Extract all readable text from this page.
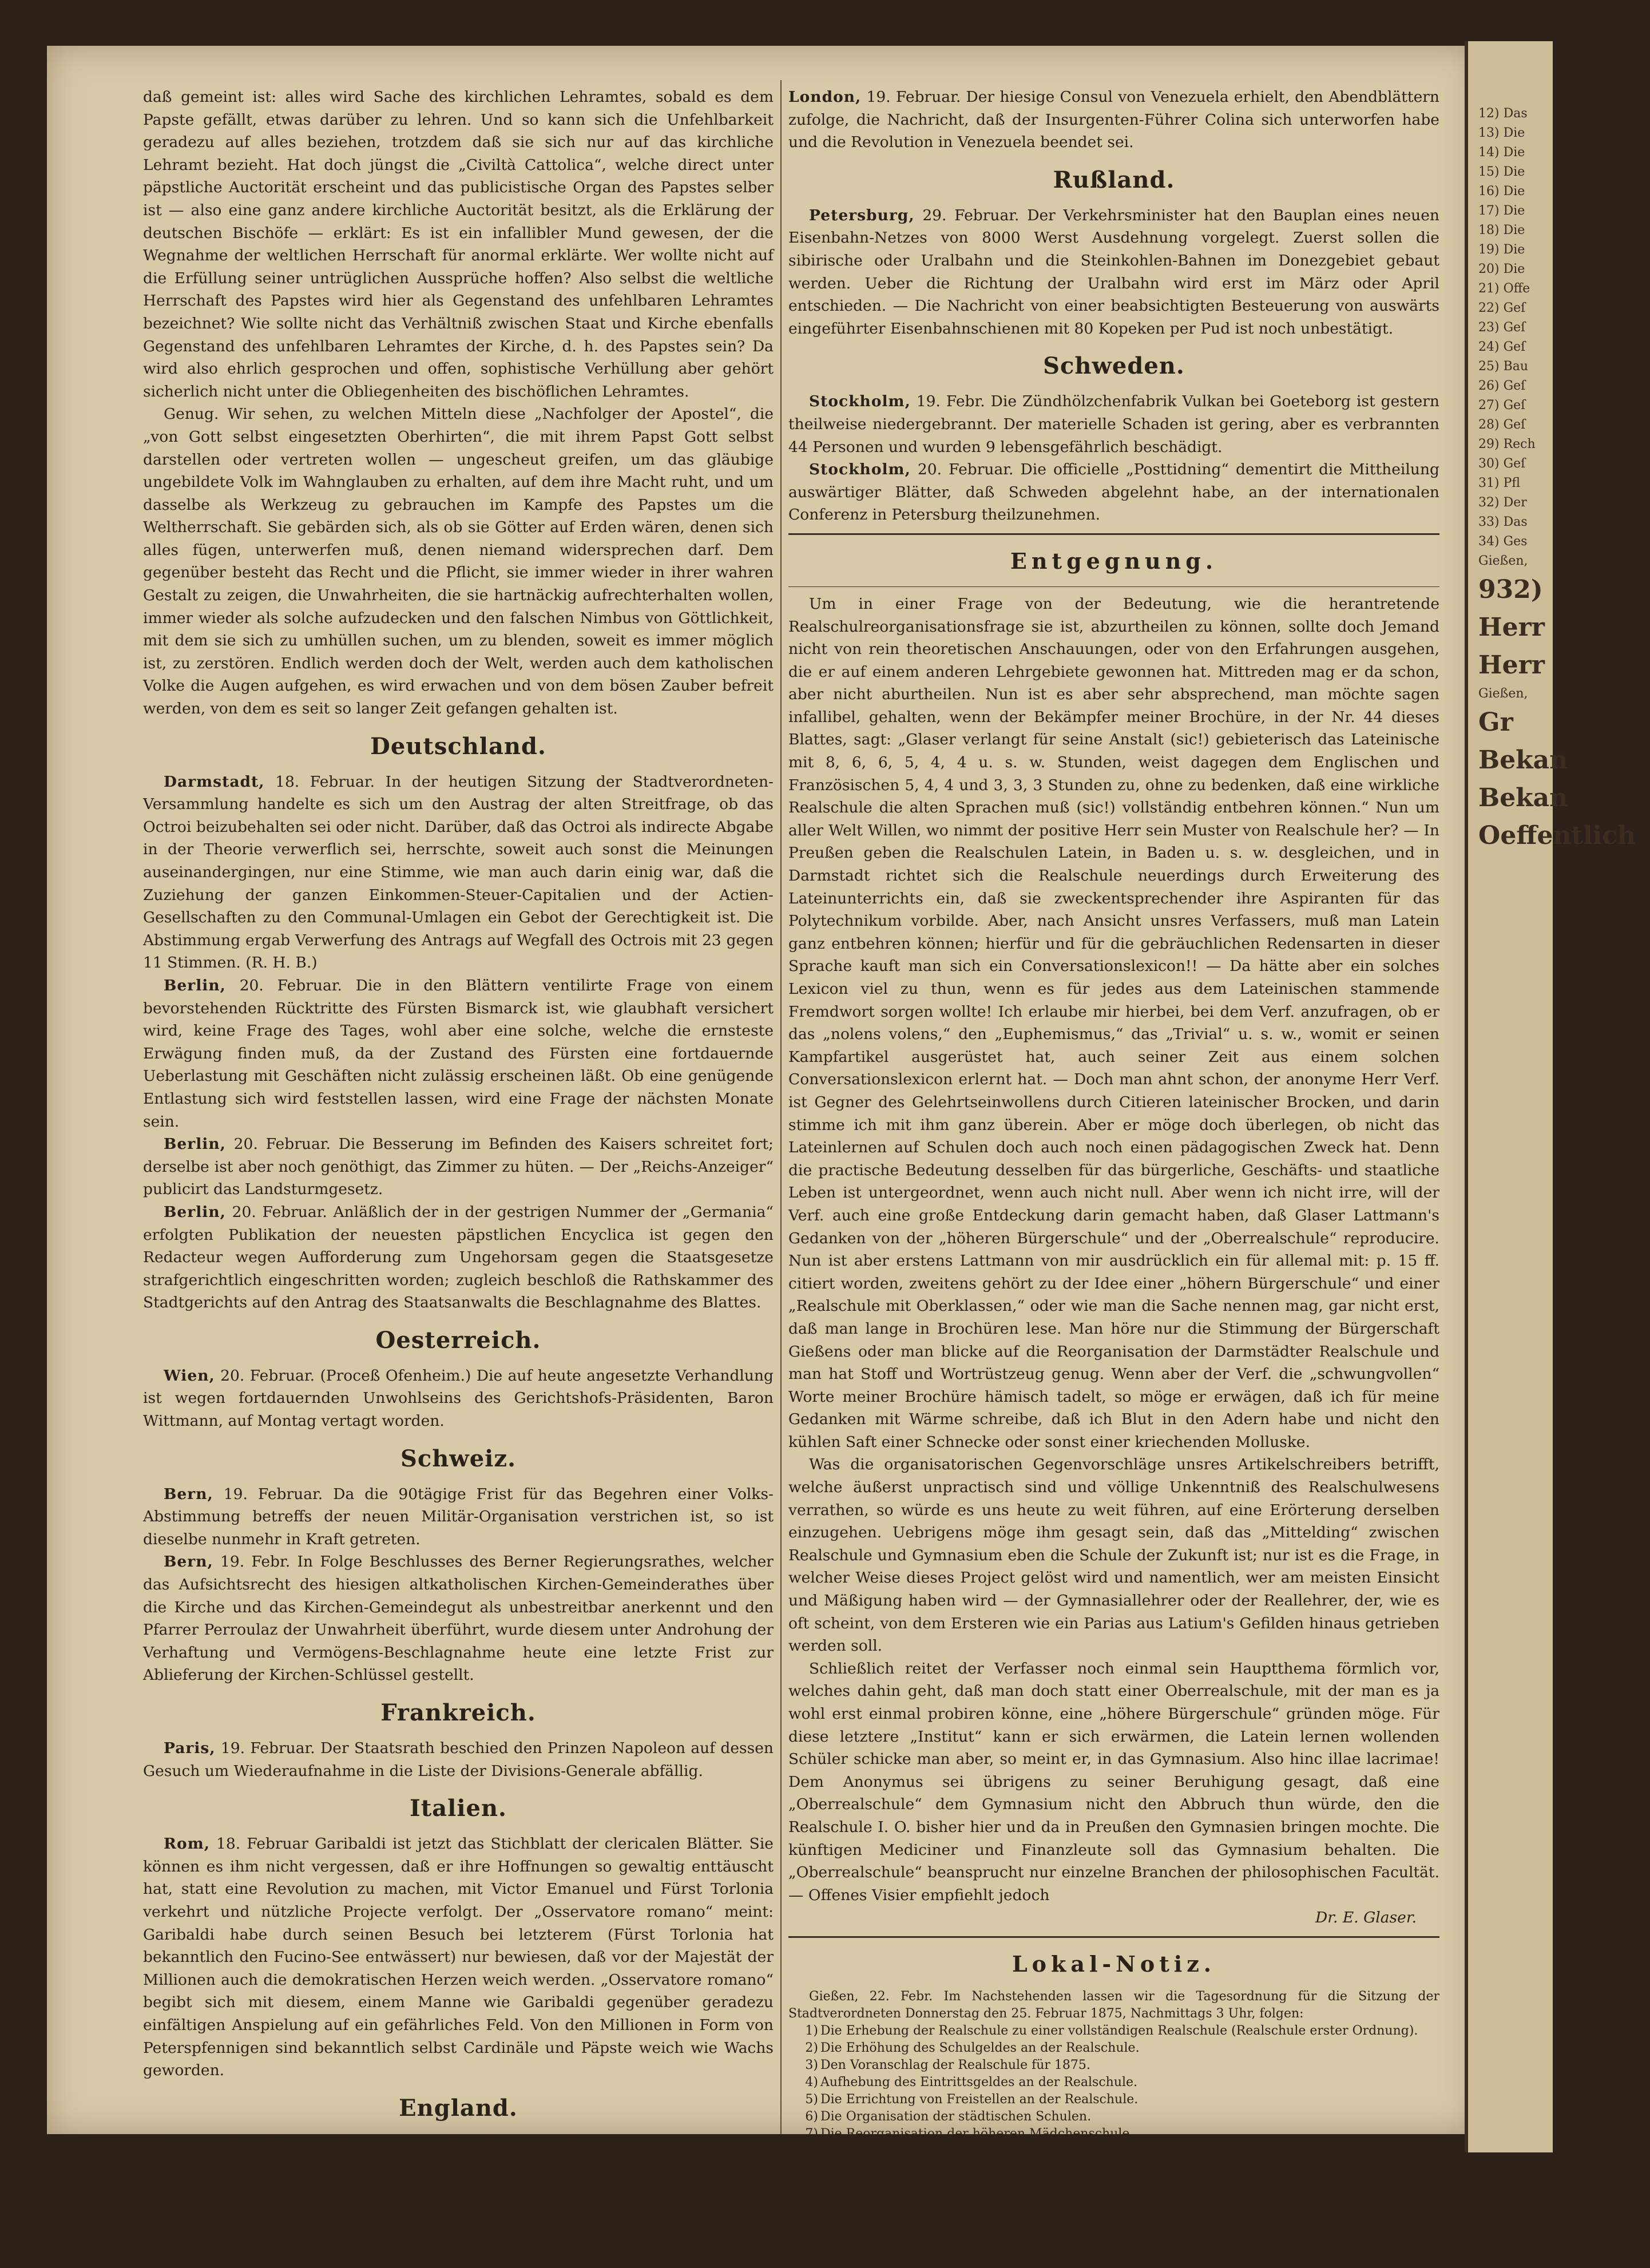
12) Das
13) Die
14) Die
15) Die
16) Die
17) Die
18) Die
19) Die
20) Die
21) Offe
22) Geſ
23) Geſ
24) Geſ
25) Bau
26) Geſ
27) Geſ
28) Geſ
29) Rech
30) Geſ
31) Pfl
32) Der
33) Das
34) Ges
Gießen,
932)
Herr
Herr
Gießen,
Gr
Bekan
Bekan
Oeffentlich

daß gemeint ist: alles wird Sache des kirchlichen Lehramtes, sobald es dem Papste gefällt, etwas darüber zu lehren. Und so kann sich die Unfehlbarkeit geradezu auf alles beziehen, trotzdem daß sie sich nur auf das kirchliche Lehramt bezieht. Hat doch jüngst die „Civiltà Cattolica“, welche direct unter päpstliche Auctorität erscheint und das publicistische Organ des Papstes selber ist — also eine ganz andere kirchliche Auctorität besitzt, als die Erklärung der deutschen Bischöfe — erklärt: Es ist ein infallibler Mund gewesen, der die Wegnahme der weltlichen Herrschaft für anormal erklärte. Wer wollte nicht auf die Erfüllung seiner untrüglichen Aussprüche hoffen? Also selbst die weltliche Herrschaft des Papstes wird hier als Gegenstand des unfehlbaren Lehramtes bezeichnet? Wie sollte nicht das Verhältniß zwischen Staat und Kirche ebenfalls Gegenstand des unfehlbaren Lehramtes der Kirche, d. h. des Papstes sein? Da wird also ehrlich gesprochen und offen, sophistische Verhüllung aber gehört sicherlich nicht unter die Obliegenheiten des bischöflichen Lehramtes.

Genug. Wir sehen, zu welchen Mitteln diese „Nachfolger der Apostel“, die „von Gott selbst eingesetzten Oberhirten“, die mit ihrem Papst Gott selbst darstellen oder vertreten wollen — ungescheut greifen, um das gläubige ungebildete Volk im Wahnglauben zu erhalten, auf dem ihre Macht ruht, und um dasselbe als Werkzeug zu gebrauchen im Kampfe des Papstes um die Weltherrschaft. Sie gebärden sich, als ob sie Götter auf Erden wären, denen sich alles fügen, unterwerfen muß, denen niemand widersprechen darf. Dem gegenüber besteht das Recht und die Pflicht, sie immer wieder in ihrer wahren Gestalt zu zeigen, die Unwahrheiten, die sie hartnäckig aufrechterhalten wollen, immer wieder als solche aufzudecken und den falschen Nimbus von Göttlichkeit, mit dem sie sich zu umhüllen suchen, um zu blenden, soweit es immer möglich ist, zu zerstören. Endlich werden doch der Welt, werden auch dem katholischen Volke die Augen aufgehen, es wird erwachen und von dem bösen Zauber befreit werden, von dem es seit so langer Zeit gefangen gehalten ist.

Deutschland.

Darmstadt, 18. Februar. In der heutigen Sitzung der Stadtverordneten-Versammlung handelte es sich um den Austrag der alten Streitfrage, ob das Octroi beizubehalten sei oder nicht. Darüber, daß das Octroi als indirecte Abgabe in der Theorie verwerflich sei, herrschte, soweit auch sonst die Meinungen auseinandergingen, nur eine Stimme, wie man auch darin einig war, daß die Zuziehung der ganzen Einkommen-Steuer-Capitalien und der Actien-Gesellschaften zu den Communal-Umlagen ein Gebot der Gerechtigkeit ist. Die Abstimmung ergab Verwerfung des Antrags auf Wegfall des Octrois mit 23 gegen 11 Stimmen. (R. H. B.)

Berlin, 20. Februar. Die in den Blättern ventilirte Frage von einem bevorstehenden Rücktritte des Fürsten Bismarck ist, wie glaubhaft versichert wird, keine Frage des Tages, wohl aber eine solche, welche die ernsteste Erwägung finden muß, da der Zustand des Fürsten eine fortdauernde Ueberlastung mit Geschäften nicht zulässig erscheinen läßt. Ob eine genügende Entlastung sich wird feststellen lassen, wird eine Frage der nächsten Monate sein.

Berlin, 20. Februar. Die Besserung im Befinden des Kaisers schreitet fort; derselbe ist aber noch genöthigt, das Zimmer zu hüten. — Der „Reichs-Anzeiger“ publicirt das Landsturmgesetz.

Berlin, 20. Februar. Anläßlich der in der gestrigen Nummer der „Germania“ erfolgten Publikation der neuesten päpstlichen Encyclica ist gegen den Redacteur wegen Aufforderung zum Ungehorsam gegen die Staatsgesetze strafgerichtlich eingeschritten worden; zugleich beschloß die Rathskammer des Stadtgerichts auf den Antrag des Staatsanwalts die Beschlagnahme des Blattes.

Oesterreich.

Wien, 20. Februar. (Proceß Ofenheim.) Die auf heute angesetzte Verhandlung ist wegen fortdauernden Unwohlseins des Gerichtshofs-Präsidenten, Baron Wittmann, auf Montag vertagt worden.

Schweiz.

Bern, 19. Februar. Da die 90tägige Frist für das Begehren einer Volks-Abstimmung betreffs der neuen Militär-Organisation verstrichen ist, so ist dieselbe nunmehr in Kraft getreten.

Bern, 19. Febr. In Folge Beschlusses des Berner Regierungsrathes, welcher das Aufsichtsrecht des hiesigen altkatholischen Kirchen-Gemeinderathes über die Kirche und das Kirchen-Gemeindegut als unbestreitbar anerkennt und den Pfarrer Perroulaz der Unwahrheit überführt, wurde diesem unter Androhung der Verhaftung und Vermögens-Beschlagnahme heute eine letzte Frist zur Ablieferung der Kirchen-Schlüssel gestellt.

Frankreich.

Paris, 19. Februar. Der Staatsrath beschied den Prinzen Napoleon auf dessen Gesuch um Wiederaufnahme in die Liste der Divisions-Generale abfällig.

Italien.

Rom, 18. Februar Garibaldi ist jetzt das Stichblatt der clericalen Blätter. Sie können es ihm nicht vergessen, daß er ihre Hoffnungen so gewaltig enttäuscht hat, statt eine Revolution zu machen, mit Victor Emanuel und Fürst Torlonia verkehrt und nützliche Projecte verfolgt. Der „Osservatore romano“ meint: Garibaldi habe durch seinen Besuch bei letzterem (Fürst Torlonia hat bekanntlich den Fucino-See entwässert) nur bewiesen, daß vor der Majestät der Millionen auch die demokratischen Herzen weich werden. „Osservatore romano“ begibt sich mit diesem, einem Manne wie Garibaldi gegenüber geradezu einfältigen Anspielung auf ein gefährliches Feld. Von den Millionen in Form von Peterspfennigen sind bekanntlich selbst Cardinäle und Päpste weich wie Wachs geworden.

England.

London, 20. Februar. Der englisch-schweizerische Auslieferungs-Vertrag ist heute amtlich bekannt gemacht. Derselbe tritt am 1. März in Kraft. — In Stroud ist der Candidat der Liberalen, Marling, zum Parlamentsmitglied gewählt worden. — Nachrichten aus Aden zufolge ist der ägyptische Unterhändler zur Regelung der Differenzen mit Berbera zurückgekehrt. In Berbera wird der Handel wieder eröffnet.

London, 19. Februar. Der hiesige Consul von Venezuela erhielt, den Abendblättern zufolge, die Nachricht, daß der Insurgenten-Führer Colina sich unterworfen habe und die Revolution in Venezuela beendet sei.

Rußland.

Petersburg, 29. Februar. Der Verkehrsminister hat den Bauplan eines neuen Eisenbahn-Netzes von 8000 Werst Ausdehnung vorgelegt. Zuerst sollen die sibirische oder Uralbahn und die Steinkohlen-Bahnen im Donezgebiet gebaut werden. Ueber die Richtung der Uralbahn wird erst im März oder April entschieden. — Die Nachricht von einer beabsichtigten Besteuerung von auswärts eingeführter Eisenbahnschienen mit 80 Kopeken per Pud ist noch unbestätigt.

Schweden.

Stockholm, 19. Febr. Die Zündhölzchenfabrik Vulkan bei Goeteborg ist gestern theilweise niedergebrannt. Der materielle Schaden ist gering, aber es verbrannten 44 Personen und wurden 9 lebensgefährlich beschädigt.

Stockholm, 20. Februar. Die officielle „Posttidning“ dementirt die Mittheilung auswärtiger Blätter, daß Schweden abgelehnt habe, an der internationalen Conferenz in Petersburg theilzunehmen.

Entgegnung.

Um in einer Frage von der Bedeutung, wie die herantretende Realschulreorganisationsfrage sie ist, abzurtheilen zu können, sollte doch Jemand nicht von rein theoretischen Anschauungen, oder von den Erfahrungen ausgehen, die er auf einem anderen Lehrgebiete gewonnen hat. Mittreden mag er da schon, aber nicht aburtheilen. Nun ist es aber sehr absprechend, man möchte sagen infallibel, gehalten, wenn der Bekämpfer meiner Brochüre, in der Nr. 44 dieses Blattes, sagt: „Glaser verlangt für seine Anstalt (sic!) gebieterisch das Lateinische mit 8, 6, 6, 5, 4, 4 u. s. w. Stunden, weist dagegen dem Englischen und Französischen 5, 4, 4 und 3, 3, 3 Stunden zu, ohne zu bedenken, daß eine wirkliche Realschule die alten Sprachen muß (sic!) vollständig entbehren können.“ Nun um aller Welt Willen, wo nimmt der positive Herr sein Muster von Realschule her? — In Preußen geben die Realschulen Latein, in Baden u. s. w. desgleichen, und in Darmstadt richtet sich die Realschule neuerdings durch Erweiterung des Lateinunterrichts ein, daß sie zweckentsprechender ihre Aspiranten für das Polytechnikum vorbilde. Aber, nach Ansicht unsres Verfassers, muß man Latein ganz entbehren können; hierfür und für die gebräuchlichen Redensarten in dieser Sprache kauft man sich ein Conversationslexicon!! — Da hätte aber ein solches Lexicon viel zu thun, wenn es für jedes aus dem Lateinischen stammende Fremdwort sorgen wollte! Ich erlaube mir hierbei, bei dem Verf. anzufragen, ob er das „nolens volens,“ den „Euphemismus,“ das „Trivial“ u. s. w., womit er seinen Kampfartikel ausgerüstet hat, auch seiner Zeit aus einem solchen Conversationslexicon erlernt hat. — Doch man ahnt schon, der anonyme Herr Verf. ist Gegner des Gelehrtseinwollens durch Citieren lateinischer Brocken, und darin stimme ich mit ihm ganz überein. Aber er möge doch überlegen, ob nicht das Lateinlernen auf Schulen doch auch noch einen pädagogischen Zweck hat. Denn die practische Bedeutung desselben für das bürgerliche, Geschäfts- und staatliche Leben ist untergeordnet, wenn auch nicht null. Aber wenn ich nicht irre, will der Verf. auch eine große Entdeckung darin gemacht haben, daß Glaser Lattmann's Gedanken von der „höheren Bürgerschule“ und der „Oberrealschule“ reproducire. Nun ist aber erstens Lattmann von mir ausdrücklich ein für allemal mit: p. 15 ff. citiert worden, zweitens gehört zu der Idee einer „höhern Bürgerschule“ und einer „Realschule mit Oberklassen,“ oder wie man die Sache nennen mag, gar nicht erst, daß man lange in Brochüren lese. Man höre nur die Stimmung der Bürgerschaft Gießens oder man blicke auf die Reorganisation der Darmstädter Realschule und man hat Stoff und Wortrüstzeug genug. Wenn aber der Verf. die „schwungvollen“ Worte meiner Brochüre hämisch tadelt, so möge er erwägen, daß ich für meine Gedanken mit Wärme schreibe, daß ich Blut in den Adern habe und nicht den kühlen Saft einer Schnecke oder sonst einer kriechenden Molluske.

Was die organisatorischen Gegenvorschläge unsres Artikelschreibers betrifft, welche äußerst unpractisch sind und völlige Unkenntniß des Realschulwesens verrathen, so würde es uns heute zu weit führen, auf eine Erörterung derselben einzugehen. Uebrigens möge ihm gesagt sein, daß das „Mittelding“ zwischen Realschule und Gymnasium eben die Schule der Zukunft ist; nur ist es die Frage, in welcher Weise dieses Project gelöst wird und namentlich, wer am meisten Einsicht und Mäßigung haben wird — der Gymnasiallehrer oder der Reallehrer, der, wie es oft scheint, von dem Ersteren wie ein Parias aus Latium's Gefilden hinaus getrieben werden soll.

Schließlich reitet der Verfasser noch einmal sein Hauptthema förmlich vor, welches dahin geht, daß man doch statt einer Oberrealschule, mit der man es ja wohl erst einmal probiren könne, eine „höhere Bürgerschule“ gründen möge. Für diese letztere „Institut“ kann er sich erwärmen, die Latein lernen wollenden Schüler schicke man aber, so meint er, in das Gymnasium. Also hinc illae lacrimae! Dem Anonymus sei übrigens zu seiner Beruhigung gesagt, daß eine „Oberrealschule“ dem Gymnasium nicht den Abbruch thun würde, den die Realschule I. O. bisher hier und da in Preußen den Gymnasien bringen mochte. Die künftigen Mediciner und Finanzleute soll das Gymnasium behalten. Die „Oberrealschule“ beansprucht nur einzelne Branchen der philosophischen Facultät. — Offenes Visier empfiehlt jedoch

Dr. E. Glaser.
Lokal-Notiz.

Gießen, 22. Febr. Im Nachstehenden lassen wir die Tagesordnung für die Sitzung der Stadtverordneten Donnerstag den 25. Februar 1875, Nachmittags 3 Uhr, folgen:

1) Die Erhebung der Realschule zu einer vollständigen Realschule (Realschule erster Ordnung).
2) Die Erhöhung des Schulgeldes an der Realschule.
3) Den Voranschlag der Realschule für 1875.
4) Aufhebung des Eintrittsgeldes an der Realschule.
5) Die Errichtung von Freistellen an der Realschule.
6) Die Organisation der städtischen Schulen.
7) Die Reorganisation der höheren Mädchenschule.
8) Die Erbauung eines Schulhauses für die höhere Mädchenschule.
9) Gesuch der Lehrerin Georgi II. um definitive Anstellung.
10) Die Errichtung einer katholischen Schule zu Gießen, hier die Regulirung des Lehrergehalts.
11) Die Umrechnung des Octroitarifs.
